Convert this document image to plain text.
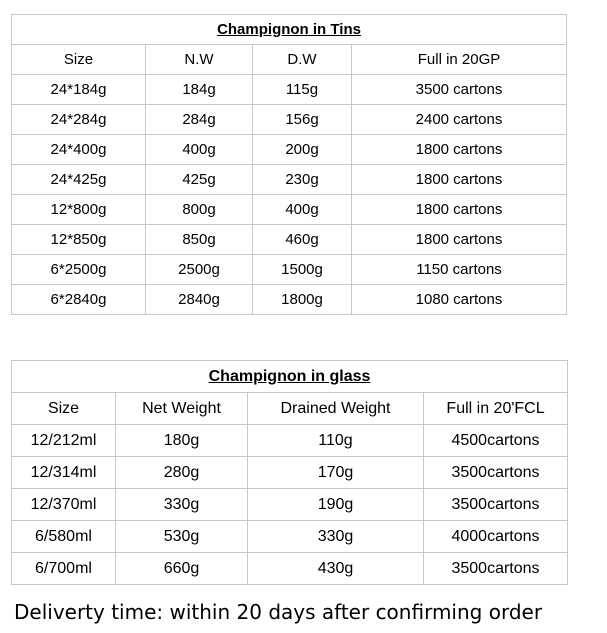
Champignon in Tins			
Size	N.W	D.W	Full in 20GP
24*184g	184g	115g	3500 cartons
24*284g	284g	156g	2400 cartons
24*400g	400g	200g	1800 cartons
24*425g	425g	230g	1800 cartons
12*800g	800g	400g	1800 cartons
12*850g	850g	460g	1800 cartons
6*2500g	2500g	1500g	1150 cartons
6*2840g	2840g	1800g	1080 cartons
Champignon in glass			
Size	Net Weight	Drained Weight	Full in 20'FCL
12/212ml	180g	110g	4500cartons
12/314ml	280g	170g	3500cartons
12/370ml	330g	190g	3500cartons
6/580ml	530g	330g	4000cartons
6/700ml	660g	430g	3500cartons

Deliverty time: within 20 days after confirming order
